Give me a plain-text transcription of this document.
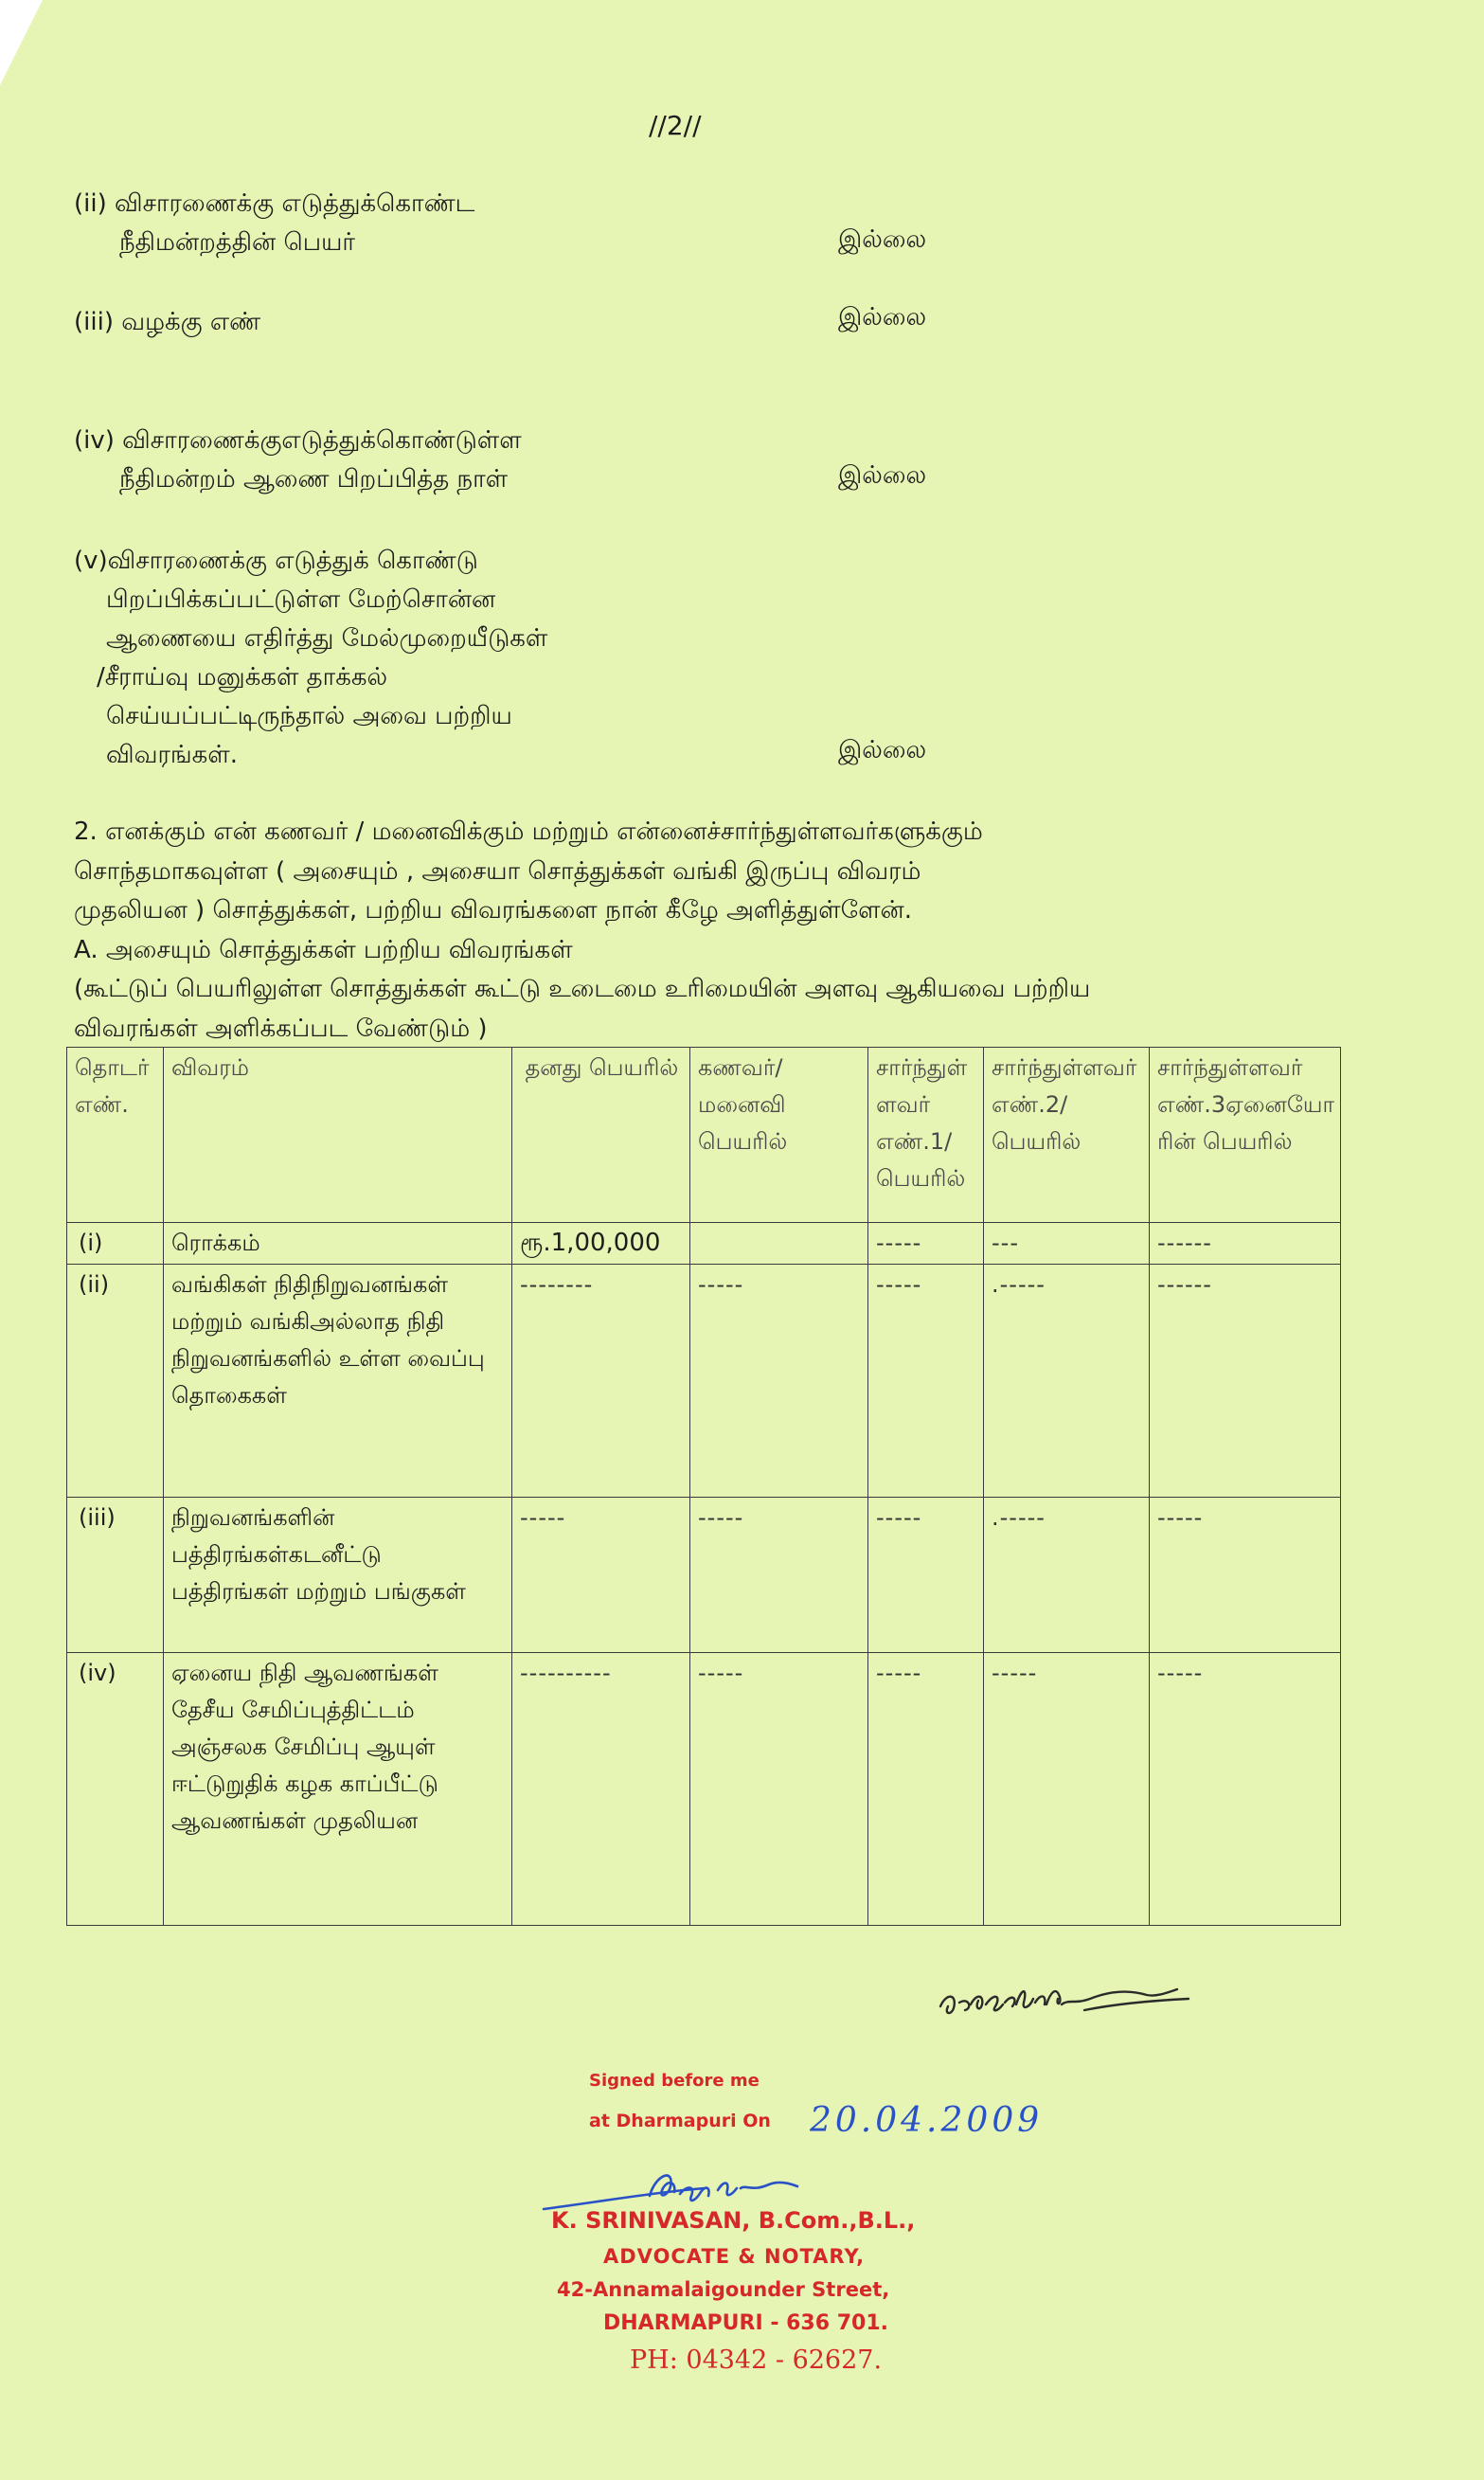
//2//
(ii) விசாரணைக்கு எடுத்துக்கொண்ட
நீதிமன்றத்தின் பெயர்	இல்லை
(iii) வழக்கு எண்	இல்லை
(iv) விசாரணைக்குஎடுத்துக்கொண்டுள்ள
நீதிமன்றம் ஆணை பிறப்பித்த நாள்	இல்லை
(v)விசாரணைக்கு எடுத்துக் கொண்டு
பிறப்பிக்கப்பட்டுள்ள மேற்சொன்ன
ஆணையை எதிர்த்து மேல்முறையீடுகள்
/சீராய்வு மனுக்கள் தாக்கல்
செய்யப்பட்டிருந்தால் அவை பற்றிய
விவரங்கள்.	இல்லை
2. எனக்கும் என் கணவர் / மனைவிக்கும் மற்றும் என்னைச்சார்ந்துள்ளவர்களுக்கும்
சொந்தமாகவுள்ள ( அசையும் , அசையா சொத்துக்கள் வங்கி இருப்பு விவரம்
முதலியன ) சொத்துக்கள், பற்றிய விவரங்களை நான் கீழே அளித்துள்ளேன்.
A. அசையும் சொத்துக்கள் பற்றிய விவரங்கள்
(கூட்டுப் பெயரிலுள்ள சொத்துக்கள் கூட்டு உடைமை உரிமையின் அளவு ஆகியவை பற்றிய
விவரங்கள் அளிக்கப்பட வேண்டும் )
தொடர் எண்.	விவரம்	தனது பெயரில்	கணவர்/ மனைவி பெயரில்	சார்ந்துள்ளவர் எண்.1/ பெயரில்	சார்ந்துள்ளவர் எண்.2/ பெயரில்	சார்ந்துள்ளவர் எண்.3ஏனையோரின் பெயரில்
(i)	ரொக்கம்	ரூ.1,00,000		-----	---	------
(ii)	வங்கிகள் நிதிநிறுவனங்கள் மற்றும் வங்கிஅல்லாத நிதி நிறுவனங்களில் உள்ள வைப்பு தொகைகள்	--------	-----	-----	.-----	------
(iii)	நிறுவனங்களின் பத்திரங்கள்கடனீட்டு பத்திரங்கள் மற்றும் பங்குகள்	-----	-----	-----	.-----	-----
(iv)	ஏனைய நிதி ஆவணங்கள் தேசீய சேமிப்புத்திட்டம் அஞ்சலக சேமிப்பு ஆயுள் ஈட்டுறுதிக் கழக காப்பீட்டு ஆவணங்கள் முதலியன	----------	-----	-----	-----	-----
Signed before me
at Dharmapuri On 20.04.2009
K. SRINIVASAN, B.Com.,B.L.,
ADVOCATE & NOTARY,
42-Annamalaigounder Street,
DHARMAPURI - 636 701.
PH: 04342 - 62627.
